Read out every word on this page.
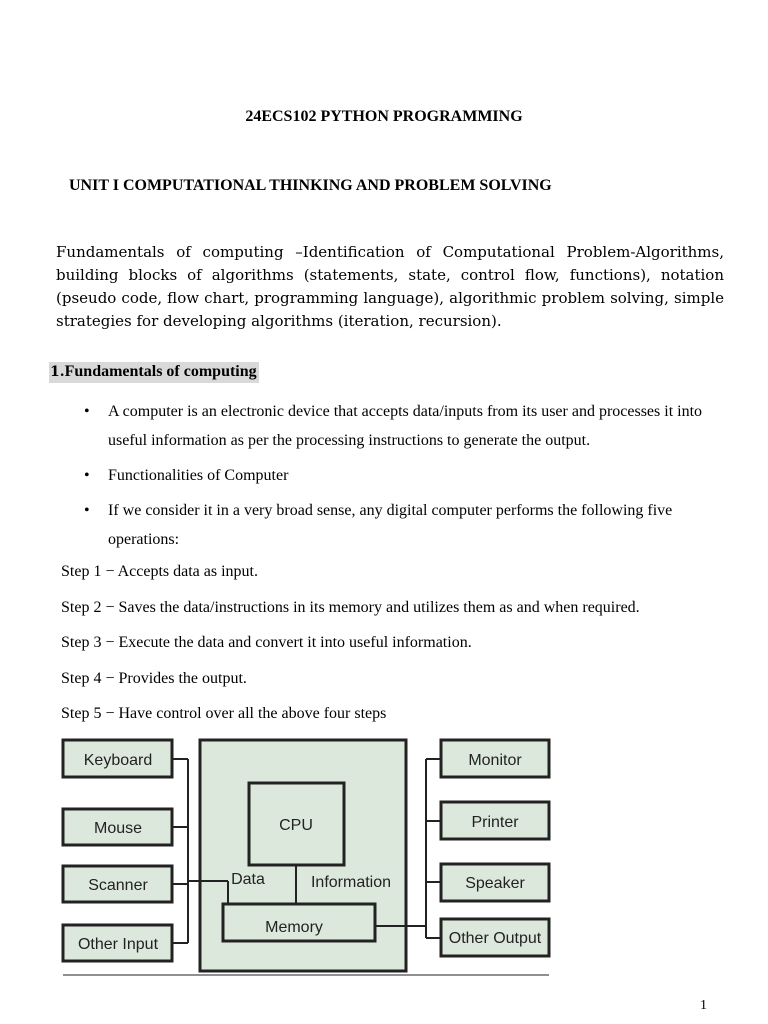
24ECS102 PYTHON PROGRAMMING
UNIT I COMPUTATIONAL THINKING AND PROBLEM SOLVING
Fundamentals of computing –Identification of Computational Problem-Algorithms, building blocks of algorithms (statements, state, control flow, functions), notation (pseudo code, flow chart, programming language), algorithmic problem solving, simple strategies for developing algorithms (iteration, recursion).
1.Fundamentals of computing
• A computer is an electronic device that accepts data/inputs from its user and processes it into useful information as per the processing instructions to generate the output.
• Functionalities of Computer
• If we consider it in a very broad sense, any digital computer performs the following five operations:
Step 1 − Accepts data as input.
Step 2 − Saves the data/instructions in its memory and utilizes them as and when required.
Step 3 − Execute the data and convert it into useful information.
Step 4 − Provides the output.
Step 5 − Have control over all the above four steps
Keyboard
Mouse
Scanner
Other Input
CPU
Data	Information
Memory
Monitor
Printer
Speaker
Other Output
1
